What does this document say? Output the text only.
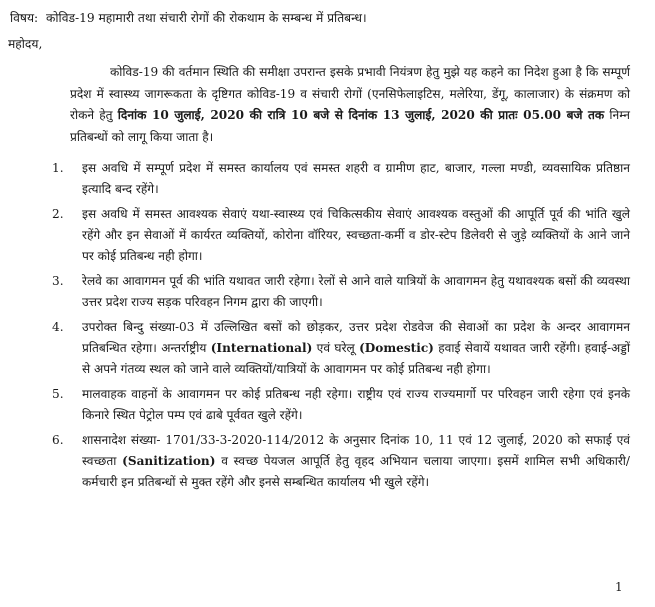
विषय: कोविड-19 महामारी तथा संचारी रोगों की रोकथाम के सम्बन्ध में प्रतिबन्ध।
महोदय,

कोविड-19 की वर्तमान स्थिति की समीक्षा उपरान्त इसके प्रभावी नियंत्रण हेतु मुझे यह कहने का निदेश हुआ है कि सम्पूर्ण प्रदेश में स्वास्थ्य जागरूकता के दृष्टिगत कोविड-19 व संचारी रोगों (एनसिफेलाइटिस, मलेरिया, डेंगू, कालाजार) के संक्रमण को रोकने हेतु दिनांक 10 जुलाई, 2020 की रात्रि 10 बजे से दिनांक 13 जुलाई, 2020 की प्रातः 05.00 बजे तक निम्न प्रतिबन्धों को लागू किया जाता है।

1. इस अवधि में सम्पूर्ण प्रदेश में समस्त कार्यालय एवं समस्त शहरी व ग्रामीण हाट, बाजार, गल्ला मण्डी, व्यवसायिक प्रतिष्ठान इत्यादि बन्द रहेंगे।
2. इस अवधि में समस्त आवश्यक सेवाएं यथा-स्वास्थ्य एवं चिकित्सकीय सेवाएं आवश्यक वस्तुओं की आपूर्ति पूर्व की भांति खुले रहेंगे और इन सेवाओं में कार्यरत व्यक्तियों, कोरोना वॉरियर, स्वच्छता-कर्मी व डोर-स्टेप डिलेवरी से जुड़े व्यक्तियों के आने जाने पर कोई प्रतिबन्ध नही होगा।
3. रेलवे का आवागमन पूर्व की भांति यथावत जारी रहेगा। रेलों से आने वाले यात्रियों के आवागमन हेतु यथावश्यक बसों की व्यवस्था उत्तर प्रदेश राज्य सड़क परिवहन निगम द्वारा की जाएगी।
4. उपरोक्त बिन्दु संख्या-03 में उल्लिखित बसों को छोड़कर, उत्तर प्रदेश रोडवेज की सेवाओं का प्रदेश के अन्दर आवागमन प्रतिबन्धित रहेगा। अन्तर्राष्ट्रीय (International) एवं घरेलू (Domestic) हवाई सेवायें यथावत जारी रहेंगी। हवाई-अड्डों से अपने गंतव्य स्थल को जाने वाले व्यक्तियों/यात्रियों के आवागमन पर कोई प्रतिबन्ध नही होगा।
5. मालवाहक वाहनों के आवागमन पर कोई प्रतिबन्ध नही रहेगा। राष्ट्रीय एवं राज्य राज्यमार्गो पर परिवहन जारी रहेगा एवं इनके किनारे स्थित पेट्रोल पम्प एवं ढाबे पूर्ववत खुले रहेंगे।
6. शासनादेश संख्या- 1701/33-3-2020-114/2012 के अनुसार दिनांक 10, 11 एवं 12 जुलाई, 2020 को सफाई एवं स्वच्छता (Sanitization) व स्वच्छ पेयजल आपूर्ति हेतु वृहद अभियान चलाया जाएगा। इसमें शामिल सभी अधिकारी/कर्मचारी इन प्रतिबन्धों से मुक्त रहेंगे और इनसे सम्बन्धित कार्यालय भी खुले रहेंगे।
1
